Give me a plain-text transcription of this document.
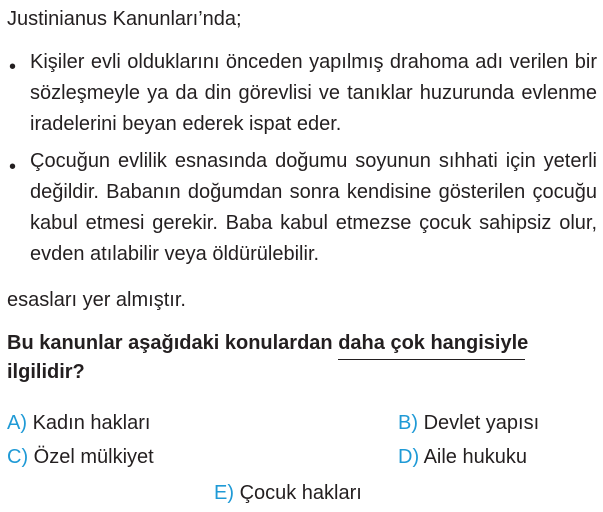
Justinianus Kanunları’nda;
• Kişiler evli olduklarını önceden yapılmış drahoma adı verilen bir sözleşmeyle ya da din görevlisi ve tanıklar huzurunda evlenme iradelerini beyan ederek ispat eder.
• Çocuğun evlilik esnasında doğumu soyunun sıhhati için yeterli değildir. Babanın doğumdan sonra kendisine gösterilen çocuğu kabul etmesi gerekir. Baba kabul etmezse çocuk sahipsiz olur, evden atılabilir veya öldürülebilir.
esasları yer almıştır.
Bu kanunlar aşağıdaki konulardan daha çok
hangisiyle ilgilidir?
A) Kadın hakları	B) Devlet yapısı
C) Özel mülkiyet	D) Aile hukuku
E) Çocuk hakları
